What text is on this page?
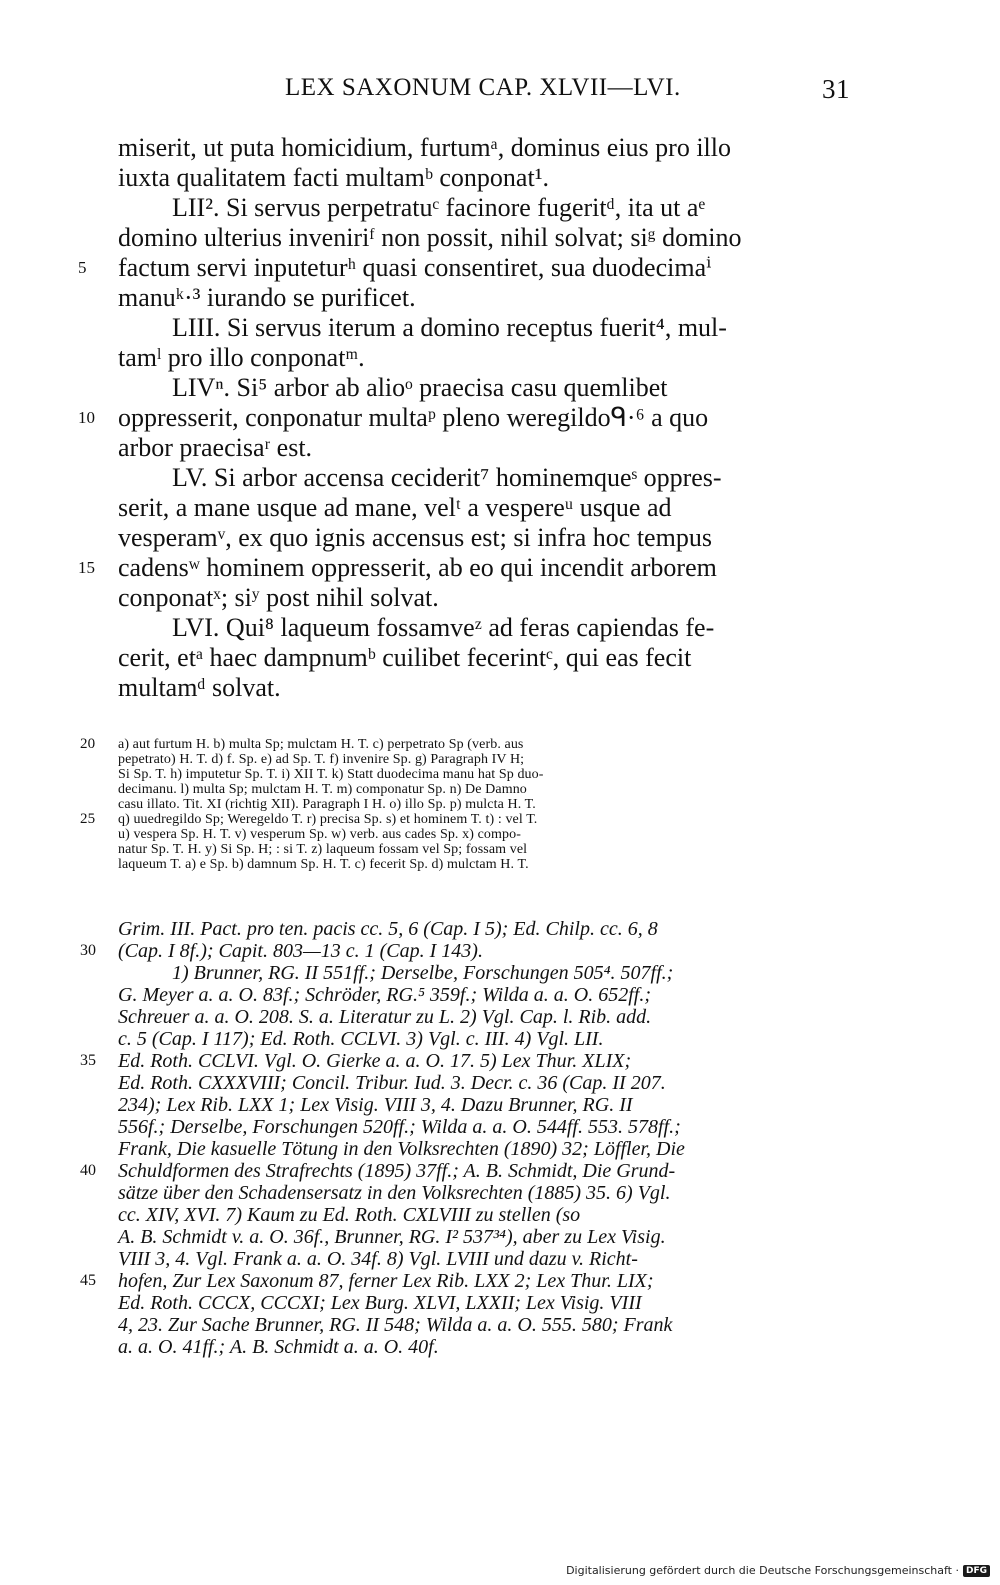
LEX SAXONUM CAP. XLVII—LVI.	31
miserit, ut puta homicidium, furtumᵃ, dominus eius pro illo
iuxta qualitatem facti multamᵇ conponat¹.
LII². Si servus perpetratuᶜ facinore fugeritᵈ, ita ut aᵉ
domino ulterius inveniriᶠ non possit, nihil solvat; siᵍ domino
5	factum servi inputeturʰ quasi consentiret, sua duodecimaⁱ
manuᵏ·³ iurando se purificet.
LIII. Si servus iterum a domino receptus fuerit⁴, mul-
tamˡ pro illo conponatᵐ.
LIVⁿ. Si⁵ arbor ab alioᵒ praecisa casu quemlibet
10 oppresserit, conponatur multaᵖ pleno weregildoᑫ·⁶ a quo
arbor praecisaʳ est.
LV. Si arbor accensa ceciderit⁷ hominemqueˢ oppres-
serit, a mane usque ad mane, velᵗ a vespereᵘ usque ad
vesperamᵛ, ex quo ignis accensus est; si infra hoc tempus
15 cadensʷ hominem oppresserit, ab eo qui incendit arborem
conponatˣ; siʸ post nihil solvat.
LVI. Qui⁸ laqueum fossamveᶻ ad feras capiendas fe-
cerit, etᵃ haec dampnumᵇ cuilibet fecerintᶜ, qui eas fecit
multamᵈ solvat.
20 a) aut furtum H. b) multa Sp; mulctam H. T. c) perpetrato Sp (verb. aus
pepetrato) H. T. d) f. Sp. e) ad Sp. T. f) invenire Sp. g) Paragraph IV H;
Si Sp. T. h) imputetur Sp. T. i) XII T. k) Statt duodecima manu hat Sp duo-
decimanu. l) multa Sp; mulctam H. T. m) componatur Sp. n) De Damno
casu illato. Tit. XI (richtig XII). Paragraph I H. o) illo Sp. p) mulcta H. T.
25 q) uuedregildo Sp; Weregeldo T. r) precisa Sp. s) et hominem T. t) : vel T.
u) vespera Sp. H. T. v) vesperum Sp. w) verb. aus cades Sp. x) compo-
natur Sp. T. H. y) Si Sp. H; : si T. z) laqueum fossam vel Sp; fossam vel
laqueum T. a) e Sp. b) damnum Sp. H. T. c) fecerit Sp. d) mulctam H. T.
Grim. III. Pact. pro ten. pacis cc. 5, 6 (Cap. I 5); Ed. Chilp. cc. 6, 8
30 (Cap. I 8f.); Capit. 803—13 c. 1 (Cap. I 143).
1) Brunner, RG. II 551ff.; Derselbe, Forschungen 505⁴. 507ff.;
G. Meyer a. a. O. 83f.; Schröder, RG.⁵ 359f.; Wilda a. a. O. 652ff.;
Schreuer a. a. O. 208. S. a. Literatur zu L. 2) Vgl. Cap. l. Rib. add.
c. 5 (Cap. I 117); Ed. Roth. CCLVI. 3) Vgl. c. III. 4) Vgl. LII.
35 Ed. Roth. CCLVI. Vgl. O. Gierke a. a. O. 17. 5) Lex Thur. XLIX;
Ed. Roth. CXXXVIII; Concil. Tribur. Iud. 3. Decr. c. 36 (Cap. II 207.
234); Lex Rib. LXX 1; Lex Visig. VIII 3, 4. Dazu Brunner, RG. II
556f.; Derselbe, Forschungen 520ff.; Wilda a. a. O. 544ff. 553. 578ff.;
Frank, Die kasuelle Tötung in den Volksrechten (1890) 32; Löffler, Die
40 Schuldformen des Strafrechts (1895) 37ff.; A. B. Schmidt, Die Grund-
sätze über den Schadensersatz in den Volksrechten (1885) 35. 6) Vgl.
cc. XIV, XVI. 7) Kaum zu Ed. Roth. CXLVIII zu stellen (so
A. B. Schmidt v. a. O. 36f., Brunner, RG. I² 537³⁴), aber zu Lex Visig.
VIII 3, 4. Vgl. Frank a. a. O. 34f. 8) Vgl. LVIII und dazu v. Richt-
45 hofen, Zur Lex Saxonum 87, ferner Lex Rib. LXX 2; Lex Thur. LIX;
Ed. Roth. CCCX, CCCXI; Lex Burg. XLVI, LXXII; Lex Visig. VIII
4, 23. Zur Sache Brunner, RG. II 548; Wilda a. a. O. 555. 580; Frank
a. a. O. 41ff.; A. B. Schmidt a. a. O. 40f.
Digitalisierung gefördert durch die Deutsche Forschungsgemeinschaft · DFG
